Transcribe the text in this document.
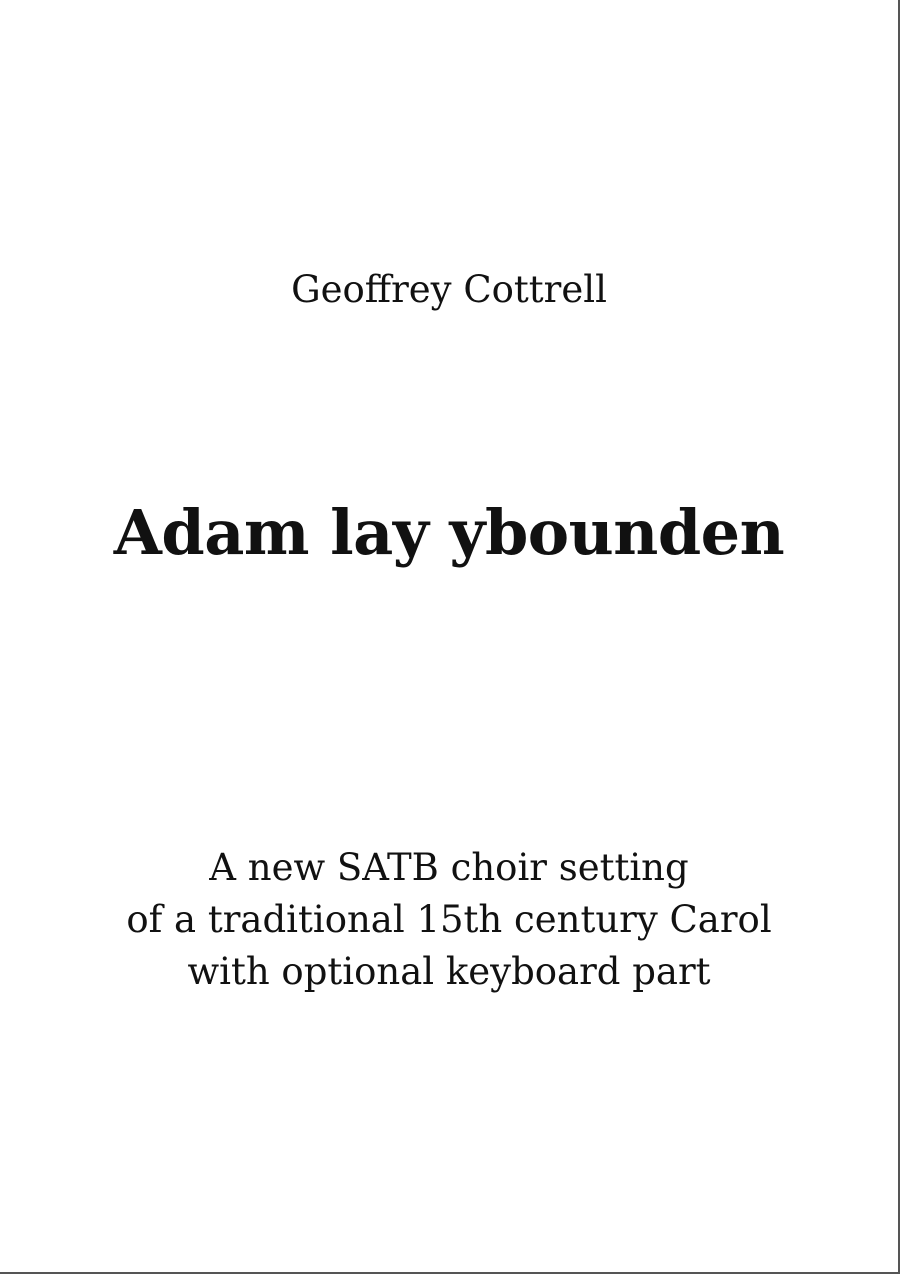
Geoffrey Cottrell
Adam lay ybounden
A new SATB choir setting
of a traditional 15th century Carol
with optional keyboard part
